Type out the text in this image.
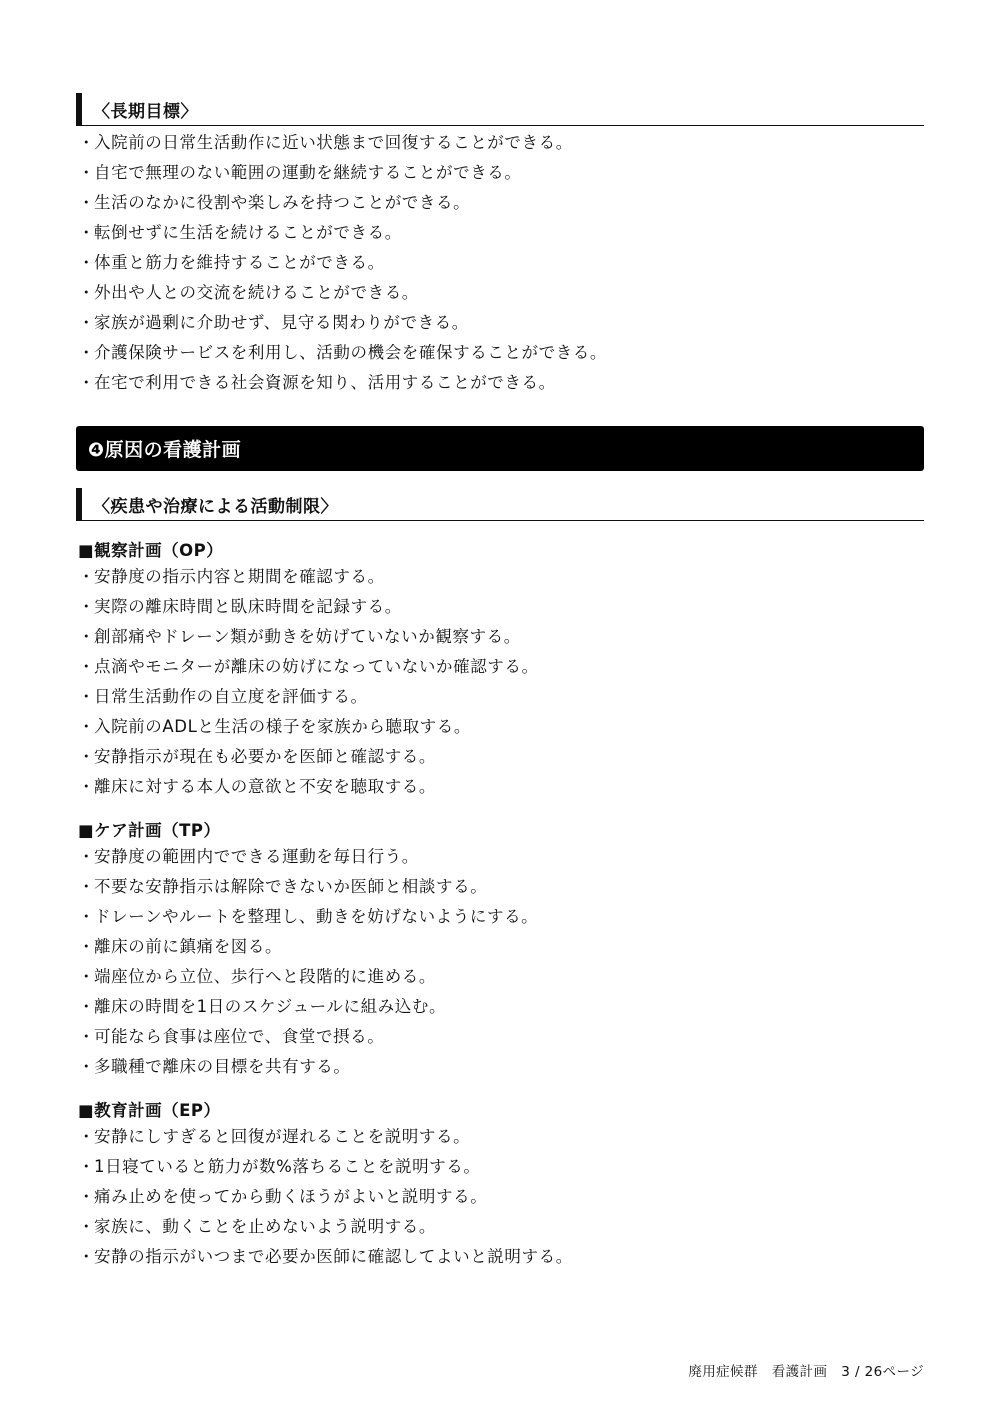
〈長期目標〉
・入院前の日常生活動作に近い状態まで回復することができる。
・自宅で無理のない範囲の運動を継続することができる。
・生活のなかに役割や楽しみを持つことができる。
・転倒せずに生活を続けることができる。
・体重と筋力を維持することができる。
・外出や人との交流を続けることができる。
・家族が過剰に介助せず、見守る関わりができる。
・介護保険サービスを利用し、活動の機会を確保することができる。
・在宅で利用できる社会資源を知り、活用することができる。
❹原因の看護計画
〈疾患や治療による活動制限〉
■観察計画（OP）
・安静度の指示内容と期間を確認する。
・実際の離床時間と臥床時間を記録する。
・創部痛やドレーン類が動きを妨げていないか観察する。
・点滴やモニターが離床の妨げになっていないか確認する。
・日常生活動作の自立度を評価する。
・入院前のADLと生活の様子を家族から聴取する。
・安静指示が現在も必要かを医師と確認する。
・離床に対する本人の意欲と不安を聴取する。
■ケア計画（TP）
・安静度の範囲内でできる運動を毎日行う。
・不要な安静指示は解除できないか医師と相談する。
・ドレーンやルートを整理し、動きを妨げないようにする。
・離床の前に鎮痛を図る。
・端座位から立位、歩行へと段階的に進める。
・離床の時間を1日のスケジュールに組み込む。
・可能なら食事は座位で、食堂で摂る。
・多職種で離床の目標を共有する。
■教育計画（EP）
・安静にしすぎると回復が遅れることを説明する。
・1日寝ていると筋力が数%落ちることを説明する。
・痛み止めを使ってから動くほうがよいと説明する。
・家族に、動くことを止めないよう説明する。
・安静の指示がいつまで必要か医師に確認してよいと説明する。
廃用症候群　看護計画　3 / 26ページ
